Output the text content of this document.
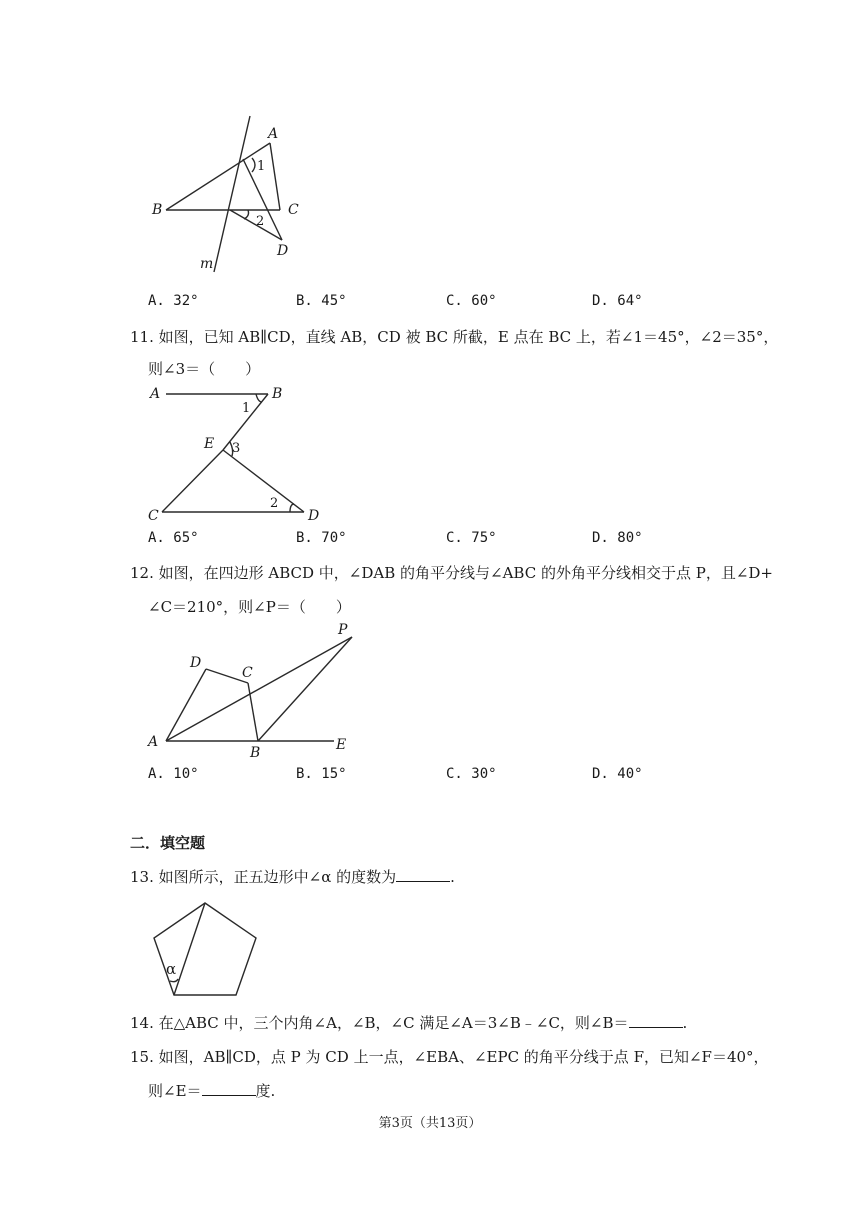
A
B	C
D
m
1
2
A. 32°	B. 45°	C. 60°	D. 64°
11. 如图，已知 AB∥CD，直线 AB，CD 被 BC 所截，E 点在 BC 上，若∠1＝45°，∠2＝35°，
则∠3＝（　　）
A	B
E
C	D
1
2
3
A. 65°	B. 70°	C. 75°	D. 80°
12. 如图，在四边形 ABCD 中，∠DAB 的角平分线与∠ABC 的外角平分线相交于点 P，且∠D+
∠C＝210°，则∠P＝（　　）
A
D
C
B	E
P
A. 10°	B. 15°	C. 30°	D. 40°
二．填空题
13. 如图所示，正五边形中∠α 的度数为	.
α
14. 在△ABC 中，三个内角∠A，∠B，∠C 满足∠A＝3∠B﹣∠C，则∠B＝	.
15. 如图，AB∥CD，点 P 为 CD 上一点，∠EBA、∠EPC 的角平分线于点 F，已知∠F＝40°，
则∠E＝	度.
第3页（共13页）
